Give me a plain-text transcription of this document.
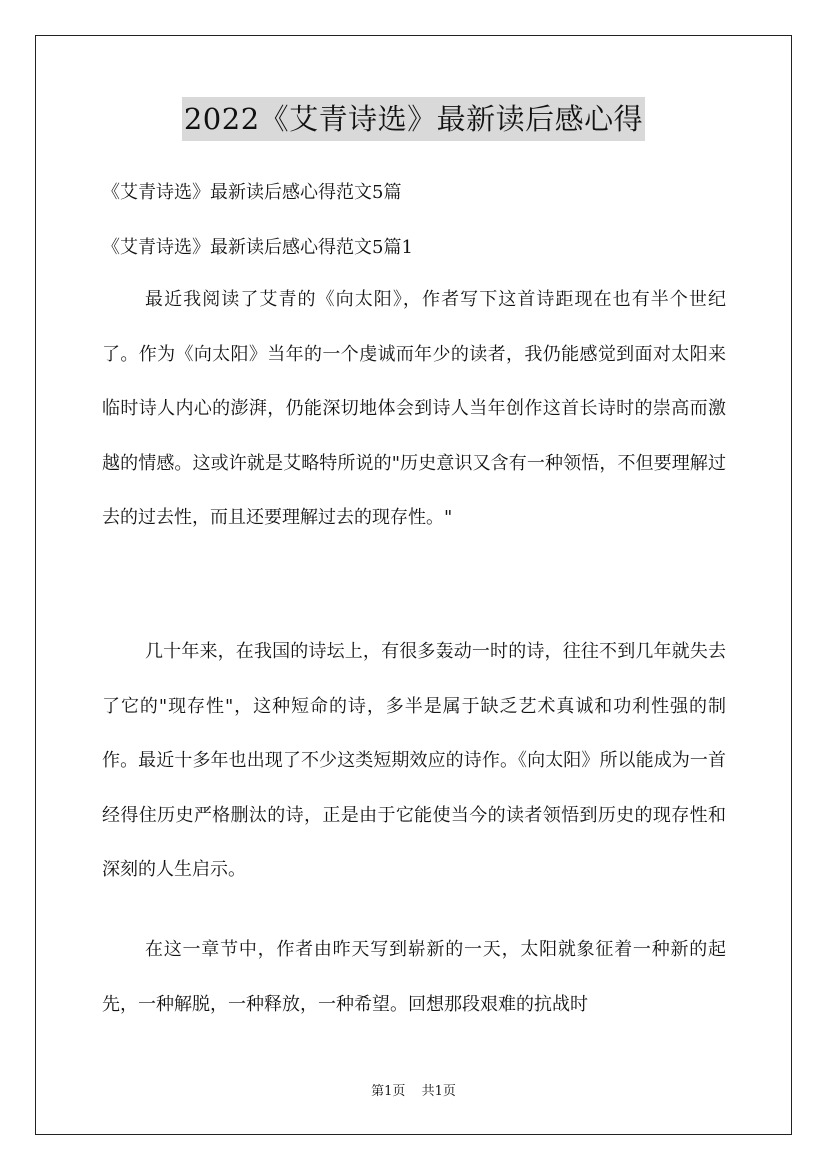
2022《艾青诗选》最新读后感心得
《艾青诗选》最新读后感心得范文5篇
《艾青诗选》最新读后感心得范文5篇1

最近我阅读了艾青的《向太阳》，作者写下这首诗距现在也有半个世纪了。作为《向太阳》当年的一个虔诚而年少的读者，我仍能感觉到面对太阳来临时诗人内心的澎湃，仍能深切地体会到诗人当年创作这首长诗时的崇高而激越的情感。这或许就是艾略特所说的"历史意识又含有一种领悟，不但要理解过去的过去性，而且还要理解过去的现存性。"

几十年来，在我国的诗坛上，有很多轰动一时的诗，往往不到几年就失去了它的"现存性"，这种短命的诗，多半是属于缺乏艺术真诚和功利性强的制作。最近十多年也出现了不少这类短期效应的诗作。《向太阳》所以能成为一首经得住历史严格删汰的诗，正是由于它能使当今的读者领悟到历史的现存性和深刻的人生启示。

在这一章节中，作者由昨天写到崭新的一天，太阳就象征着一种新的起先，一种解脱，一种释放，一种希望。回想那段艰难的抗战时

第1页 共1页
